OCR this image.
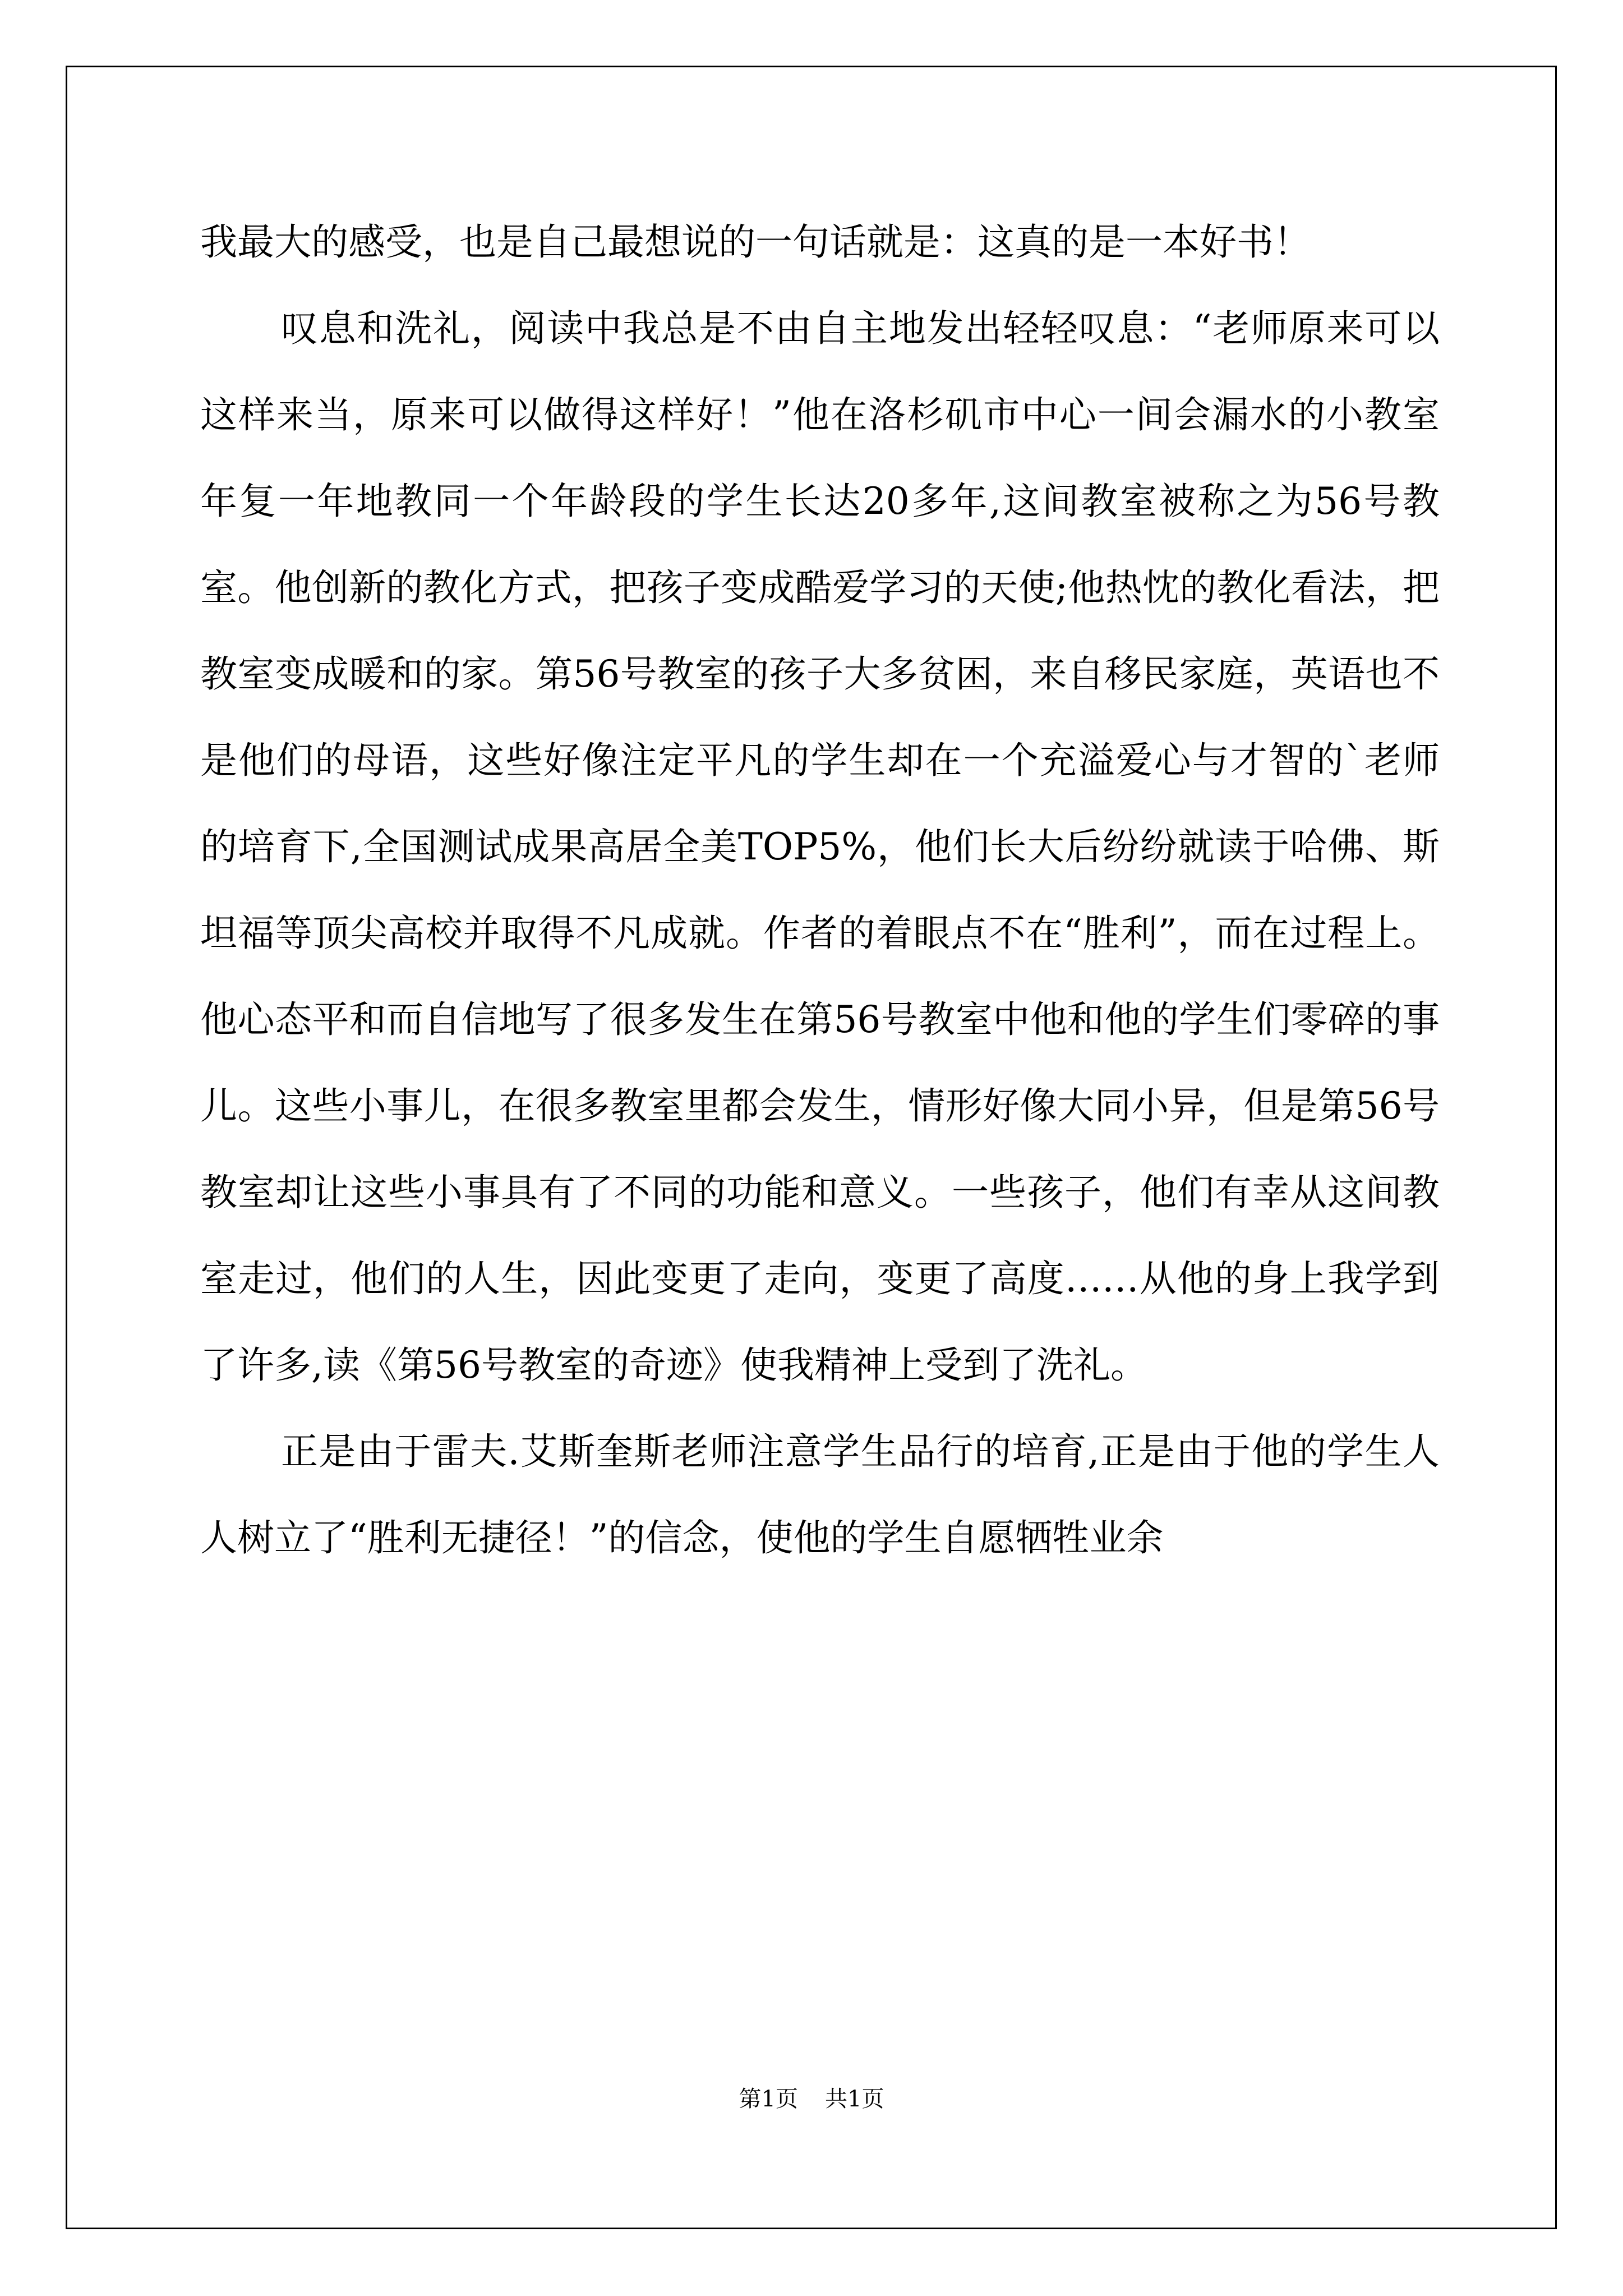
我最大的感受，也是自己最想说的一句话就是：这真的是一本好书！

叹息和洗礼，阅读中我总是不由自主地发出轻轻叹息：“老师原来可以这样来当，原来可以做得这样好！”他在洛杉矶市中心一间会漏水的小教室年复一年地教同一个年龄段的学生长达20多年,这间教室被称之为56号教室。他创新的教化方式，把孩子变成酷爱学习的天使;他热忱的教化看法，把教室变成暖和的家。第56号教室的孩子大多贫困，来自移民家庭，英语也不是他们的母语，这些好像注定平凡的学生却在一个充溢爱心与才智的`老师的培育下,全国测试成果高居全美TOP5%，他们长大后纷纷就读于哈佛、斯坦福等顶尖高校并取得不凡成就。作者的着眼点不在“胜利”，而在过程上。他心态平和而自信地写了很多发生在第56号教室中他和他的学生们零碎的事儿。这些小事儿，在很多教室里都会发生，情形好像大同小异，但是第56号教室却让这些小事具有了不同的功能和意义。一些孩子，他们有幸从这间教室走过，他们的人生，因此变更了走向，变更了高度……从他的身上我学到了许多,读《第56号教室的奇迹》使我精神上受到了洗礼。

正是由于雷夫.艾斯奎斯老师注意学生品行的培育,正是由于他的学生人人树立了“胜利无捷径！”的信念，使他的学生自愿牺牲业余

第1页 共1页
